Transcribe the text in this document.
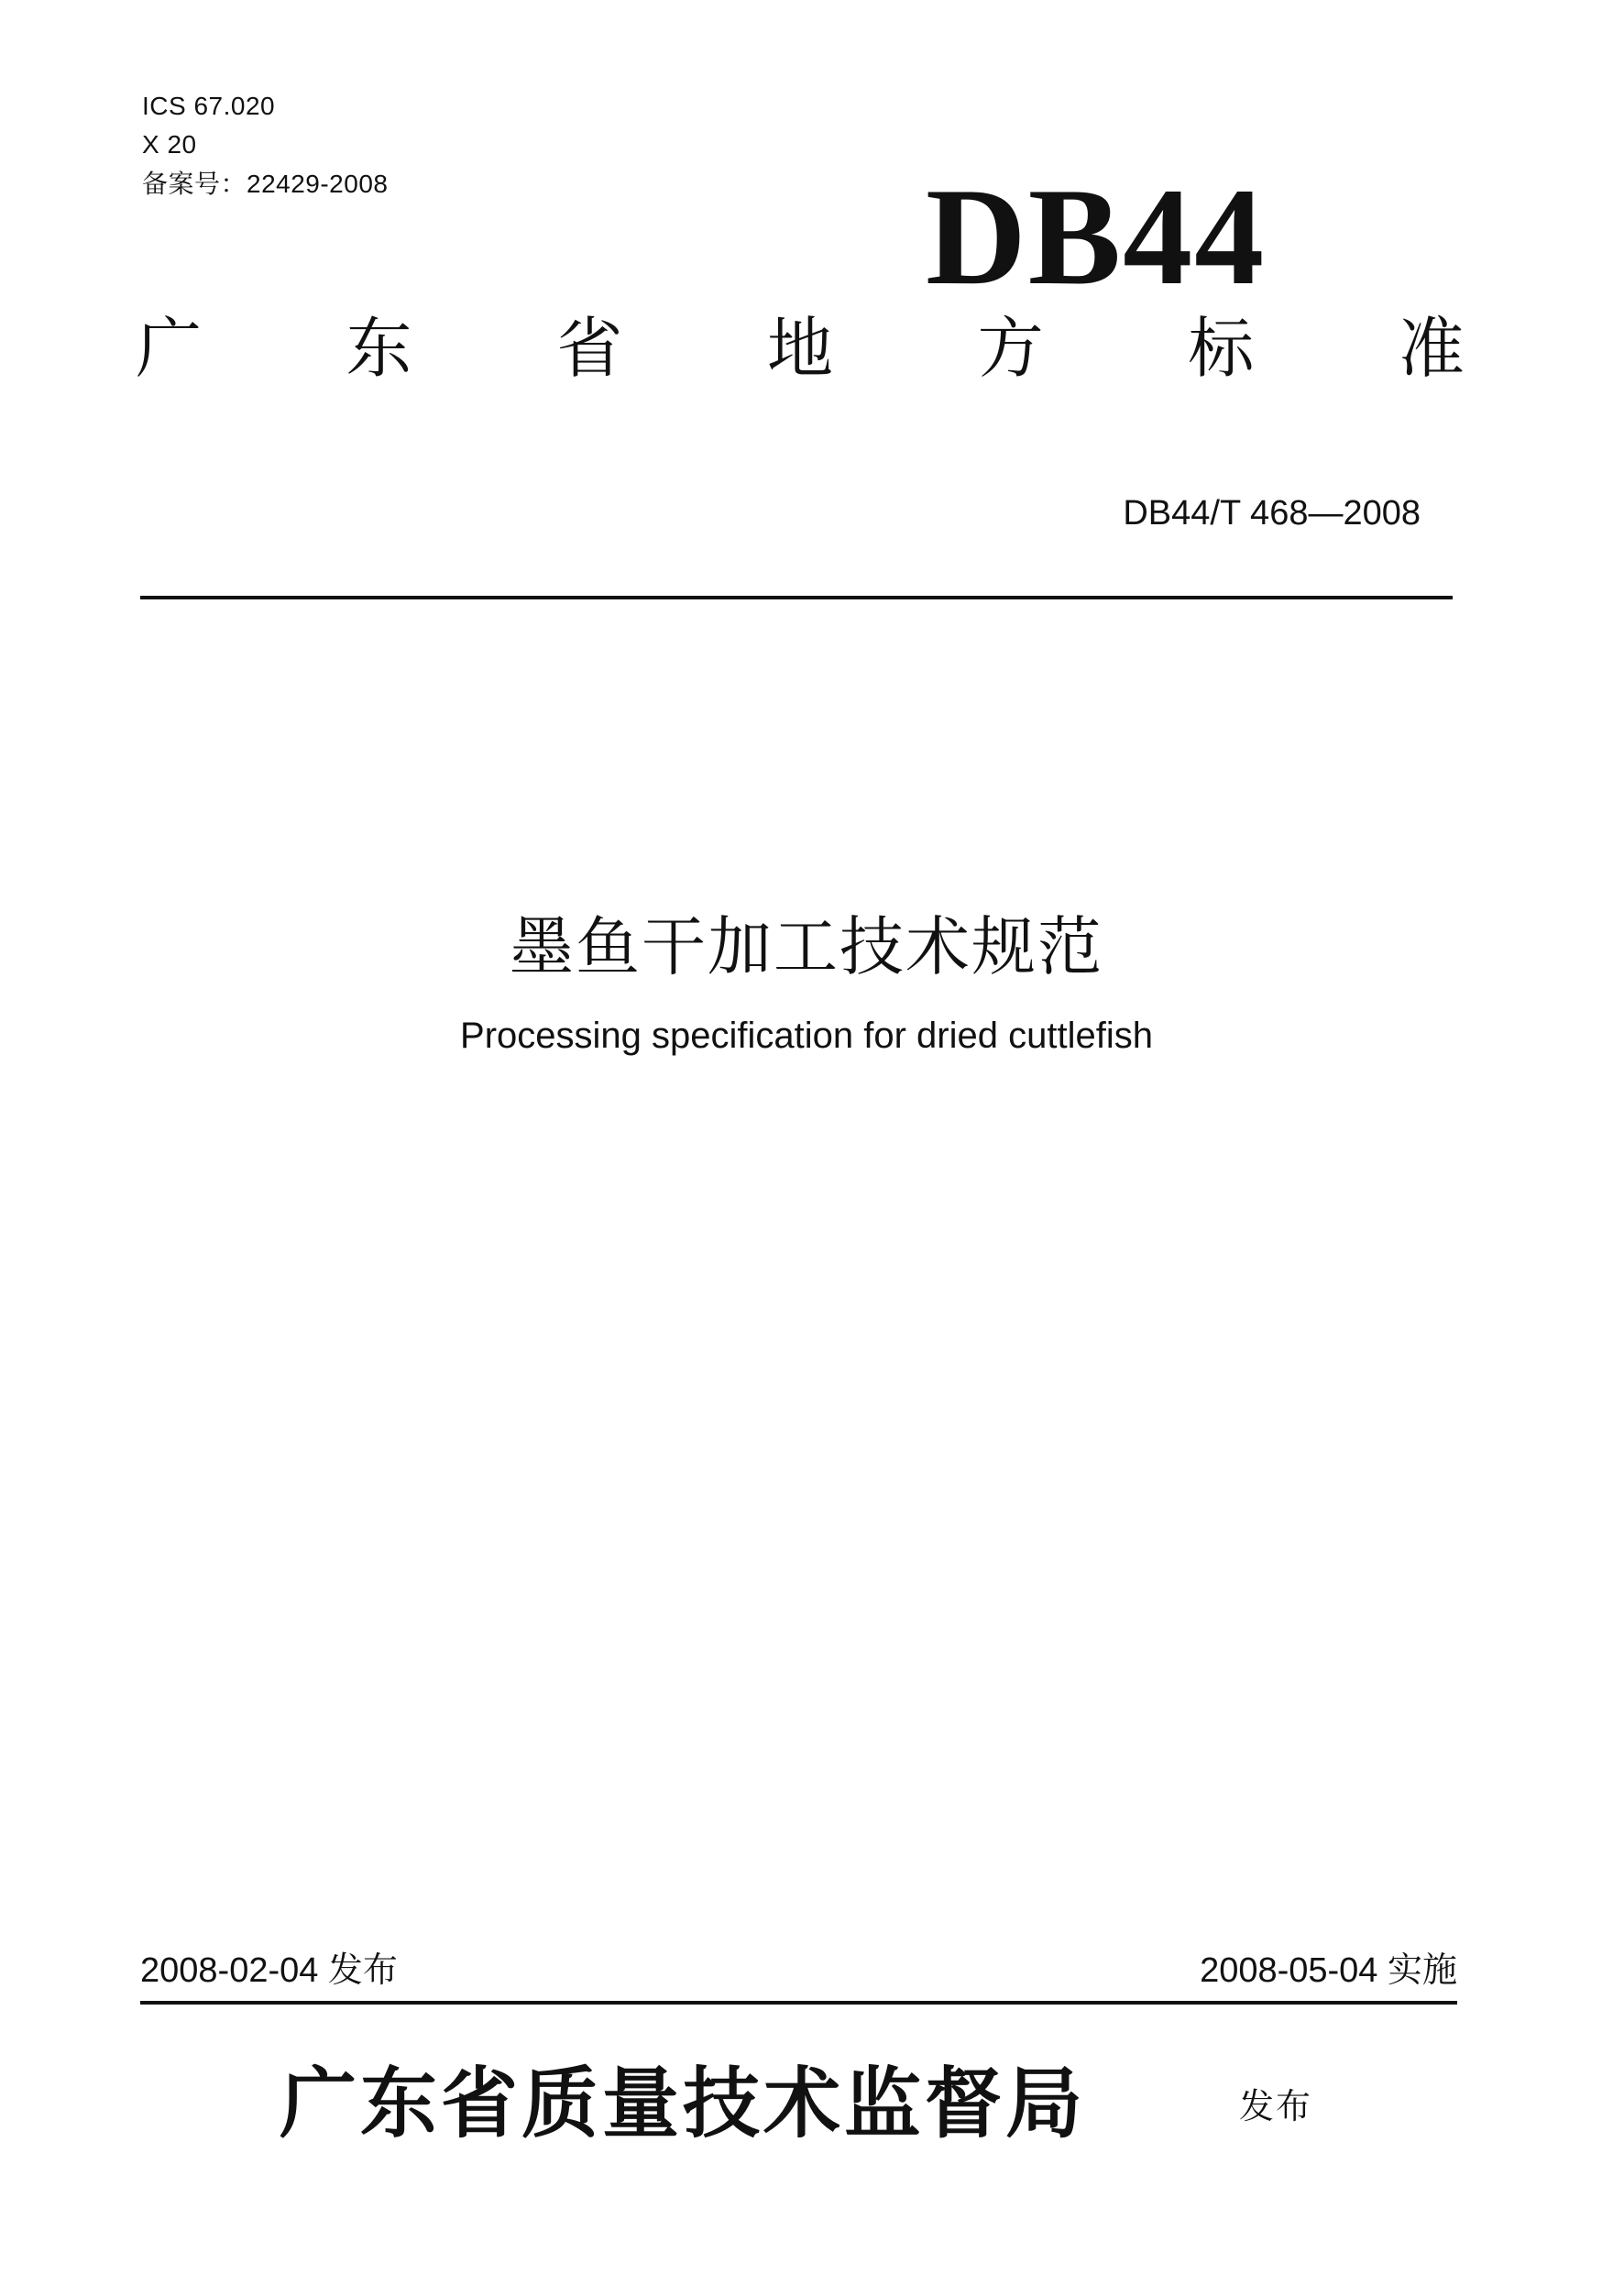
ICS 67.020
X 20
备案号：22429-2008	DB44
广 东 省 地 方 标 准
DB44/T 468—2008
墨鱼干加工技术规范
Processing specification for dried cuttlefish
2008-02-04 发布	2008-05-04 实施
广东省质量技术监督局	发布
